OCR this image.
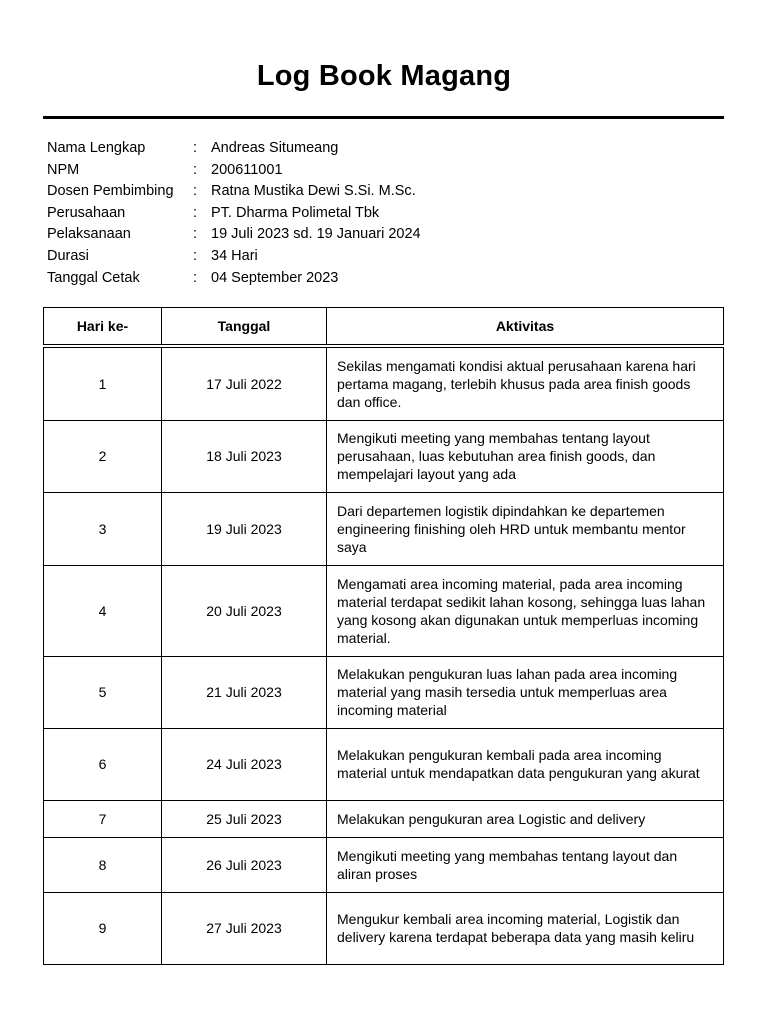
Log Book Magang
Nama Lengkap	: Andreas Situmeang
NPM	: 200611001
Dosen Pembimbing : Ratna Mustika Dewi S.Si. M.Sc.
Perusahaan	: PT. Dharma Polimetal Tbk
Pelaksanaan	: 19 Juli 2023 sd. 19 Januari 2024
Durasi	: 34 Hari
Tanggal Cetak	: 04 September 2023
Hari ke-	Tanggal	Aktivitas
1	17 Juli 2022	Sekilas mengamati kondisi aktual perusahaan karena hari pertama magang, terlebih khusus pada area finish goods dan office.
2	18 Juli 2023	Mengikuti meeting yang membahas tentang layout perusahaan, luas kebutuhan area finish goods, dan mempelajari layout yang ada
3	19 Juli 2023	Dari departemen logistik dipindahkan ke departemen engineering finishing oleh HRD untuk membantu mentor saya
4	20 Juli 2023	Mengamati area incoming material, pada area incoming material terdapat sedikit lahan kosong, sehingga luas lahan yang kosong akan digunakan untuk memperluas incoming material.
5	21 Juli 2023	Melakukan pengukuran luas lahan pada area incoming material yang masih tersedia untuk memperluas area incoming material
6	24 Juli 2023	Melakukan pengukuran kembali pada area incoming material untuk mendapatkan data pengukuran yang akurat
7	25 Juli 2023	Melakukan pengukuran area Logistic and delivery
8	26 Juli 2023	Mengikuti meeting yang membahas tentang layout dan aliran proses
9	27 Juli 2023	Mengukur kembali area incoming material, Logistik dan delivery karena terdapat beberapa data yang masih keliru
